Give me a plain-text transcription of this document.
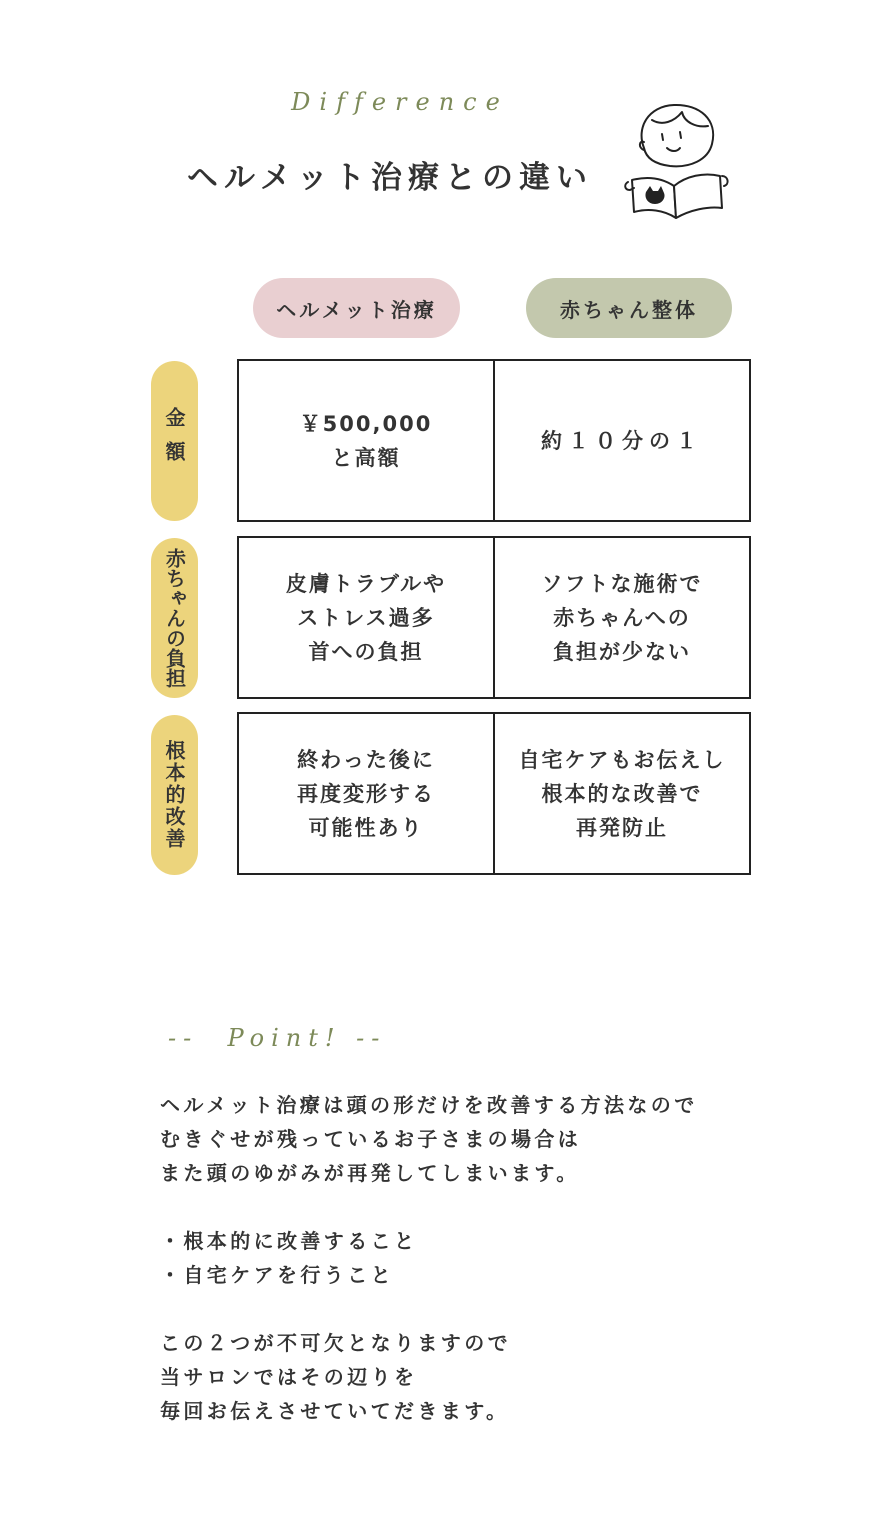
Difference
ヘルメット治療との違い
ヘルメット治療	赤ちゃん整体
金額
赤ちゃんの負担
根本的改善
￥500,000
と高額
約１０分の１
皮膚トラブルや
ストレス過多
首への負担
ソフトな施術で
赤ちゃんへの
負担が少ない
終わった後に
再度変形する
可能性あり
自宅ケアもお伝えし
根本的な改善で
再発防止
--  Point! --

ヘルメット治療は頭の形だけを改善する方法なので
むきぐせが残っているお子さまの場合は
また頭のゆがみが再発してしまいます。

・根本的に改善すること
・自宅ケアを行うこと

この２つが不可欠となりますので
当サロンではその辺りを
毎回お伝えさせていてだきます。
